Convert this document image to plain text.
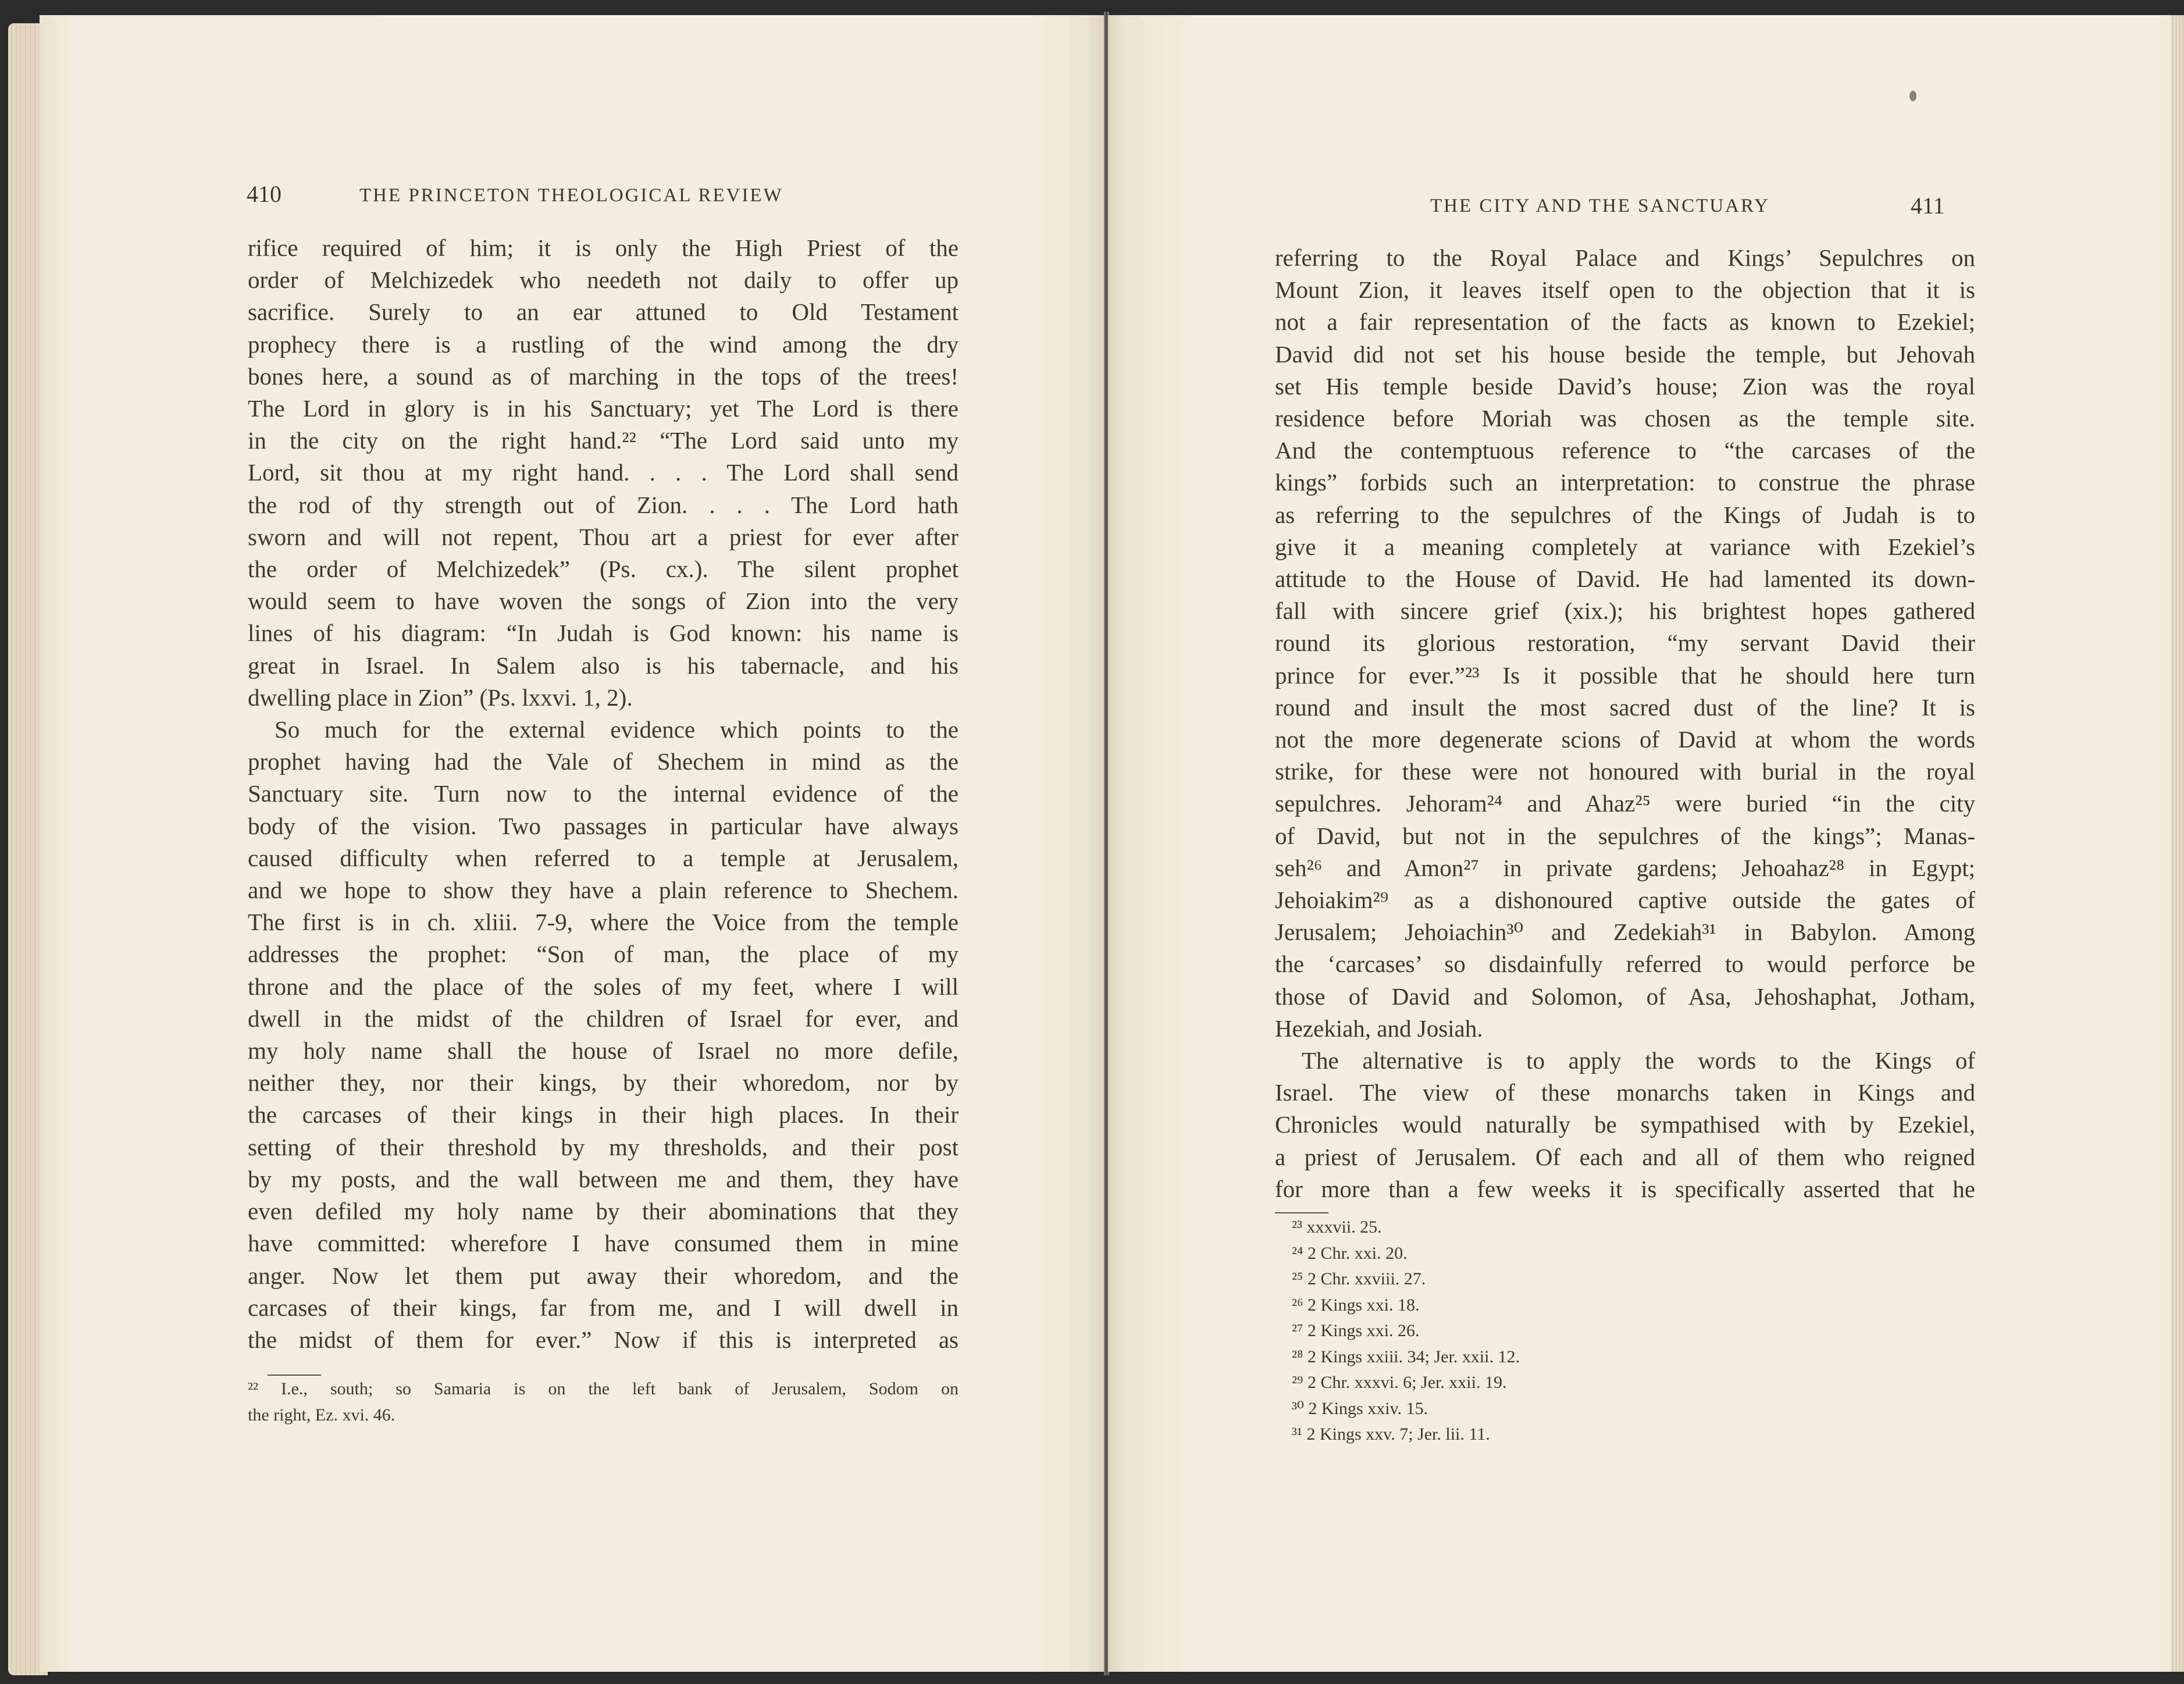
410	THE PRINCETON THEOLOGICAL REVIEW
rifice required of him; it is only the High Priest of the
order of Melchizedek who needeth not daily to offer up
sacrifice. Surely to an ear attuned to Old Testament
prophecy there is a rustling of the wind among the dry
bones here, a sound as of marching in the tops of the trees!
The Lord in glory is in his Sanctuary; yet The Lord is there
in the city on the right hand.²² “The Lord said unto my
Lord, sit thou at my right hand. . . . The Lord shall send
the rod of thy strength out of Zion. . . . The Lord hath
sworn and will not repent, Thou art a priest for ever after
the order of Melchizedek” (Ps. cx.). The silent prophet
would seem to have woven the songs of Zion into the very
lines of his diagram: “In Judah is God known: his name is
great in Israel. In Salem also is his tabernacle, and his
dwelling place in Zion” (Ps. lxxvi. 1, 2).
So much for the external evidence which points to the
prophet having had the Vale of Shechem in mind as the
Sanctuary site. Turn now to the internal evidence of the
body of the vision. Two passages in particular have always
caused difficulty when referred to a temple at Jerusalem,
and we hope to show they have a plain reference to Shechem.
The first is in ch. xliii. 7-9, where the Voice from the temple
addresses the prophet: “Son of man, the place of my
throne and the place of the soles of my feet, where I will
dwell in the midst of the children of Israel for ever, and
my holy name shall the house of Israel no more defile,
neither they, nor their kings, by their whoredom, nor by
the carcases of their kings in their high places. In their
setting of their threshold by my thresholds, and their post
by my posts, and the wall between me and them, they have
even defiled my holy name by their abominations that they
have committed: wherefore I have consumed them in mine
anger. Now let them put away their whoredom, and the
carcases of their kings, far from me, and I will dwell in
the midst of them for ever.” Now if this is interpreted as
²² I.e., south; so Samaria is on the left bank of Jerusalem, Sodom on
the right, Ez. xvi. 46.
THE CITY AND THE SANCTUARY	411
referring to the Royal Palace and Kings’ Sepulchres on
Mount Zion, it leaves itself open to the objection that it is
not a fair representation of the facts as known to Ezekiel;
David did not set his house beside the temple, but Jehovah
set His temple beside David’s house; Zion was the royal
residence before Moriah was chosen as the temple site.
And the contemptuous reference to “the carcases of the
kings” forbids such an interpretation: to construe the phrase
as referring to the sepulchres of the Kings of Judah is to
give it a meaning completely at variance with Ezekiel’s
attitude to the House of David. He had lamented its down-
fall with sincere grief (xix.); his brightest hopes gathered
round its glorious restoration, “my servant David their
prince for ever.”²³ Is it possible that he should here turn
round and insult the most sacred dust of the line? It is
not the more degenerate scions of David at whom the words
strike, for these were not honoured with burial in the royal
sepulchres. Jehoram²⁴ and Ahaz²⁵ were buried “in the city
of David, but not in the sepulchres of the kings”; Manas-
seh²⁶ and Amon²⁷ in private gardens; Jehoahaz²⁸ in Egypt;
Jehoiakim²⁹ as a dishonoured captive outside the gates of
Jerusalem; Jehoiachin³⁰ and Zedekiah³¹ in Babylon. Among
the ‘carcases’ so disdainfully referred to would perforce be
those of David and Solomon, of Asa, Jehoshaphat, Jotham,
Hezekiah, and Josiah.
The alternative is to apply the words to the Kings of
Israel. The view of these monarchs taken in Kings and
Chronicles would naturally be sympathised with by Ezekiel,
a priest of Jerusalem. Of each and all of them who reigned
for more than a few weeks it is specifically asserted that he
²³ xxxvii. 25.
²⁴ 2 Chr. xxi. 20.
²⁵ 2 Chr. xxviii. 27.
²⁶ 2 Kings xxi. 18.
²⁷ 2 Kings xxi. 26.
²⁸ 2 Kings xxiii. 34; Jer. xxii. 12.
²⁹ 2 Chr. xxxvi. 6; Jer. xxii. 19.
³⁰ 2 Kings xxiv. 15.
³¹ 2 Kings xxv. 7; Jer. lii. 11.
